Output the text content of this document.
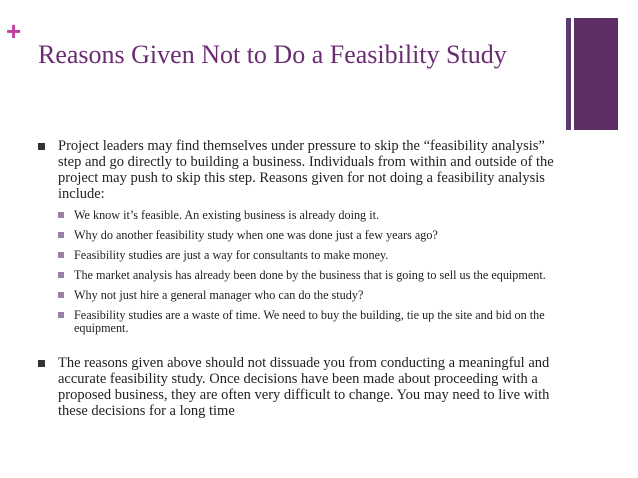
+
Reasons Given Not to Do a Feasibility Study
Project leaders may find themselves under pressure to skip the “feasibility analysis” step and go directly to building a business. Individuals from within and outside of the project may push to skip this step. Reasons given for not doing a feasibility analysis include:
We know it’s feasible. An existing business is already doing it.
Why do another feasibility study when one was done just a few years ago?
Feasibility studies are just a way for consultants to make money.
The market analysis has already been done by the business that is going to sell us the equipment.
Why not just hire a general manager who can do the study?
Feasibility studies are a waste of time. We need to buy the building, tie up the site and bid on the equipment.
The reasons given above should not dissuade you from conducting a meaningful and accurate feasibility study. Once decisions have been made about proceeding with a proposed business, they are often very difficult to change. You may need to live with these decisions for a long time
